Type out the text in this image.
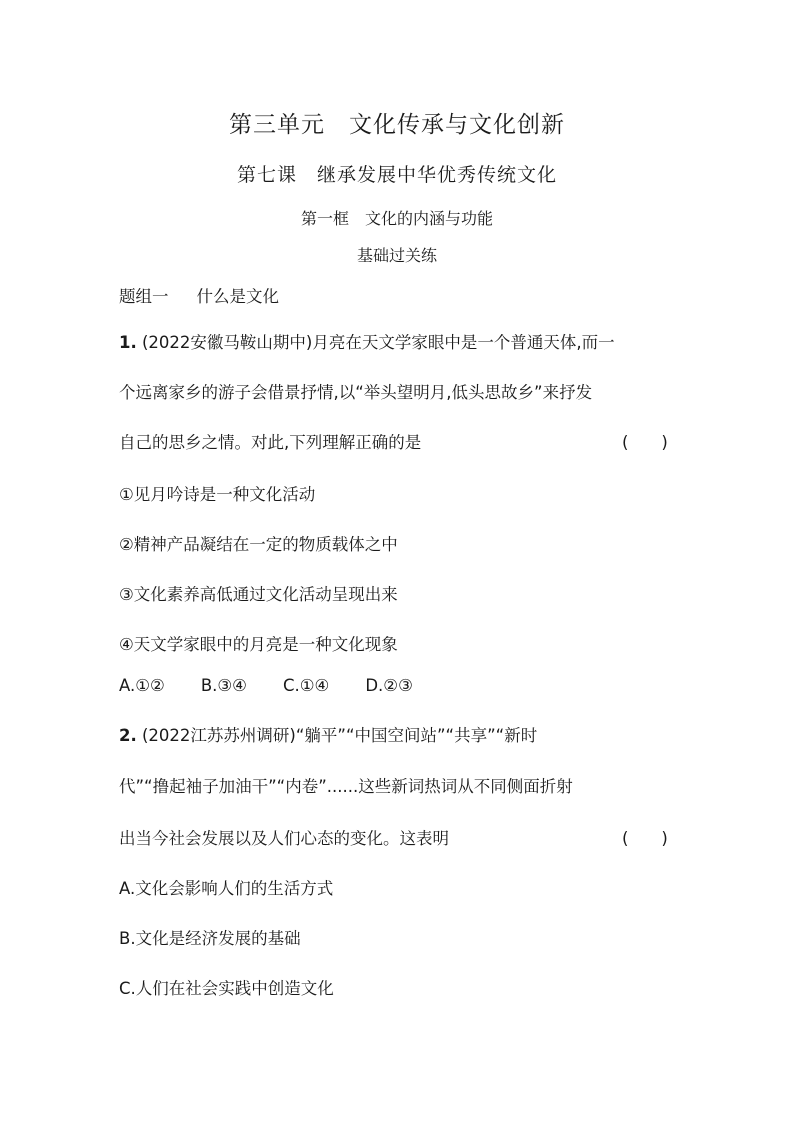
第三单元　文化传承与文化创新
第七课　继承发展中华优秀传统文化
第一框　文化的内涵与功能
基础过关练
题组一 什么是文化
1. (2022安徽马鞍山期中)月亮在天文学家眼中是一个普通天体,而一
个远离家乡的游子会借景抒情,以“举头望明月,低头思故乡”来抒发
自己的思乡之情。对此,下列理解正确的是	(　　)
①见月吟诗是一种文化活动
②精神产品凝结在一定的物质载体之中
③文化素养高低通过文化活动呈现出来
④天文学家眼中的月亮是一种文化现象
A.①② B.③④ C.①④ D.②③
2. (2022江苏苏州调研)“躺平”“中国空间站”“共享”“新时
代”“撸起袖子加油干”“内卷”......这些新词热词从不同侧面折射
出当今社会发展以及人们心态的变化。这表明	(　　)
A.文化会影响人们的生活方式
B.文化是经济发展的基础
C.人们在社会实践中创造文化
